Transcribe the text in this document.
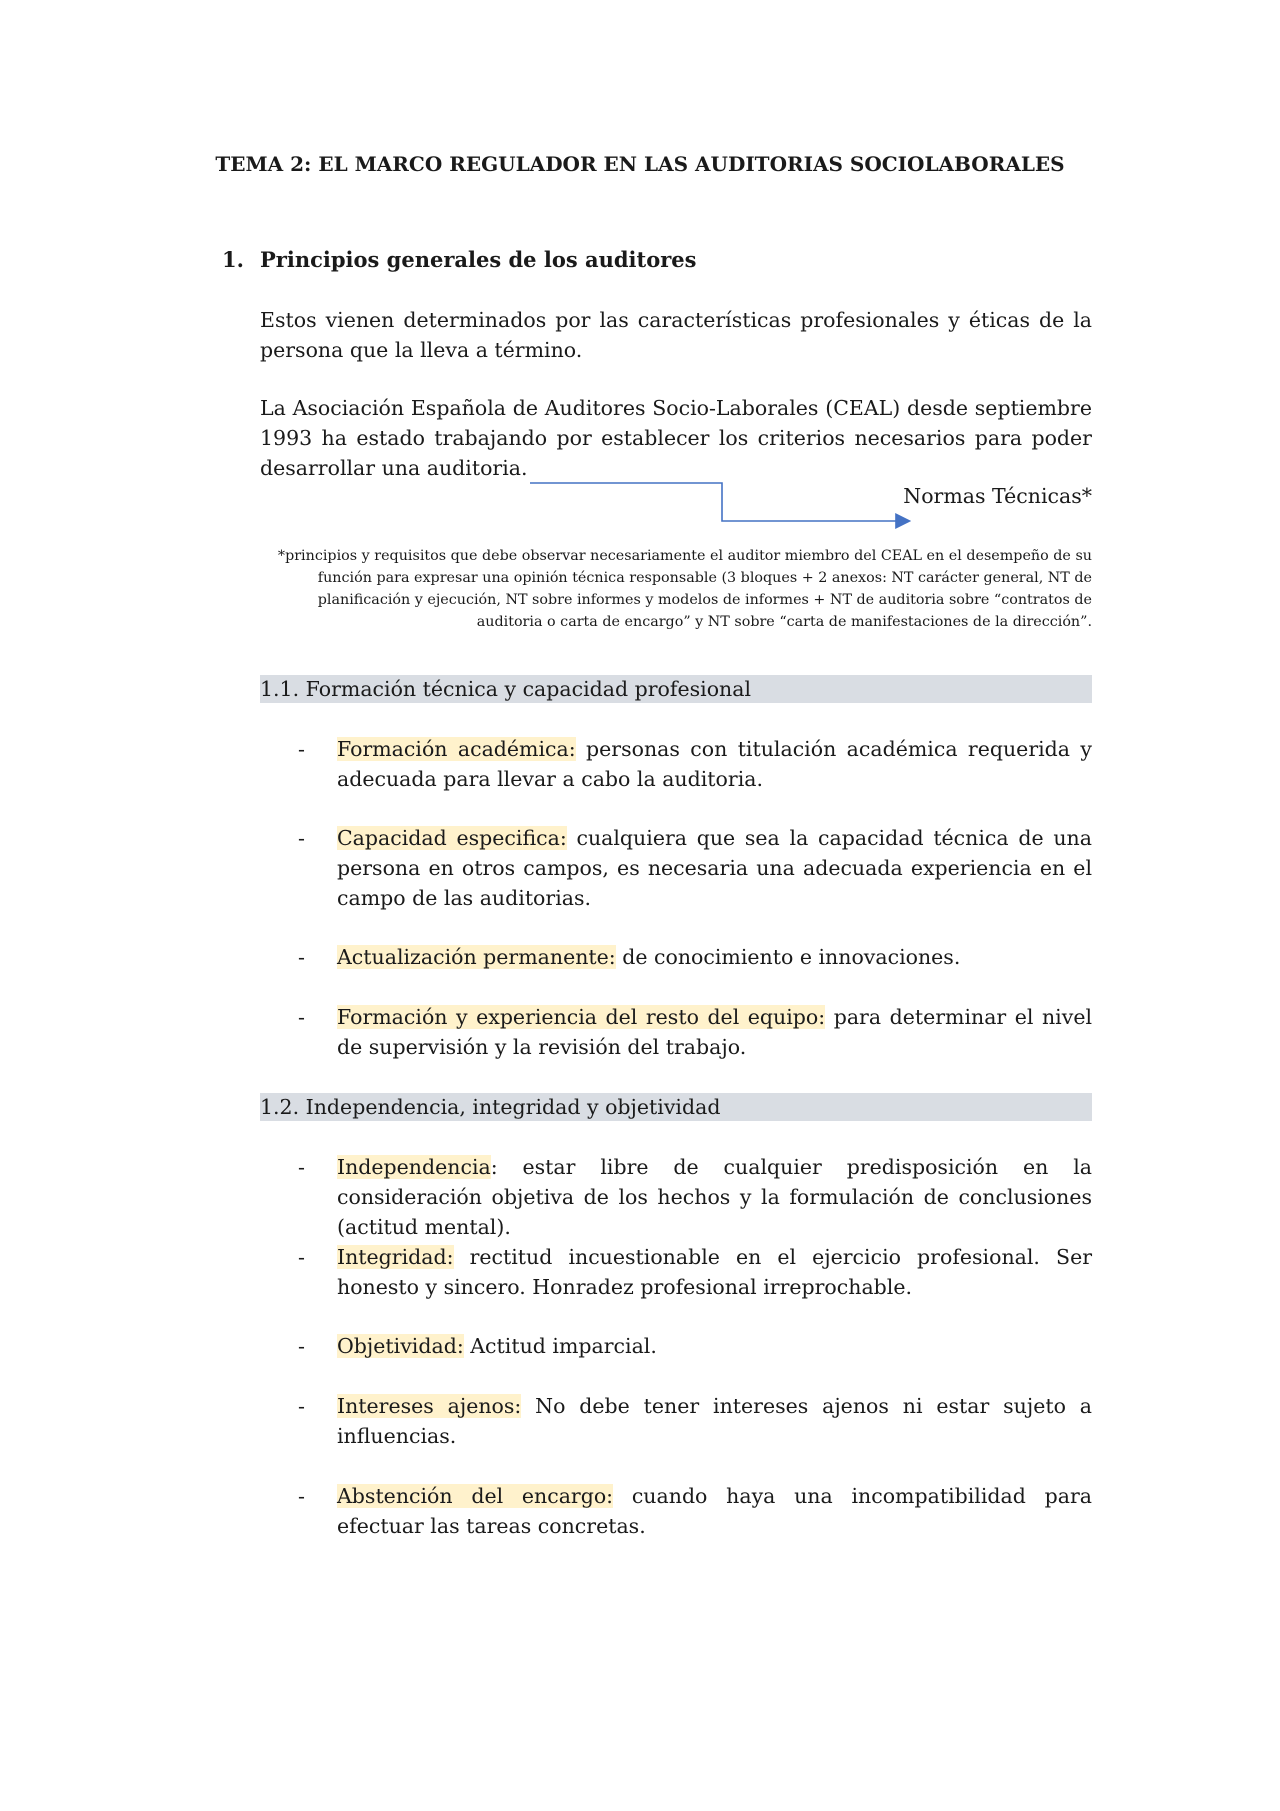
TEMA 2: EL MARCO REGULADOR EN LAS AUDITORIAS SOCIOLABORALES
1. Principios generales de los auditores
Estos vienen determinados por las características profesionales y éticas de la persona que la lleva a término.
La Asociación Española de Auditores Socio-Laborales (CEAL) desde septiembre 1993 ha estado trabajando por establecer los criterios necesarios para poder desarrollar una auditoria.
Normas Técnicas*
*principios y requisitos que debe observar necesariamente el auditor miembro del CEAL en el desempeño de su función para expresar una opinión técnica responsable (3 bloques + 2 anexos: NT carácter general, NT de planificación y ejecución, NT sobre informes y modelos de informes + NT de auditoria sobre “contratos de auditoria o carta de encargo” y NT sobre “carta de manifestaciones de la dirección”.
1.1. Formación técnica y capacidad profesional
- Formación académica: personas con titulación académica requerida y adecuada para llevar a cabo la auditoria.
- Capacidad especifica: cualquiera que sea la capacidad técnica de una persona en otros campos, es necesaria una adecuada experiencia en el campo de las auditorias.
- Actualización permanente: de conocimiento e innovaciones.
- Formación y experiencia del resto del equipo: para determinar el nivel de supervisión y la revisión del trabajo.
1.2. Independencia, integridad y objetividad
- Independencia: estar libre de cualquier predisposición en la consideración objetiva de los hechos y la formulación de conclusiones (actitud mental).
- Integridad: rectitud incuestionable en el ejercicio profesional. Ser honesto y sincero. Honradez profesional irreprochable.
- Objetividad: Actitud imparcial.
- Intereses ajenos: No debe tener intereses ajenos ni estar sujeto a influencias.
- Abstención del encargo: cuando haya una incompatibilidad para efectuar las tareas concretas.
